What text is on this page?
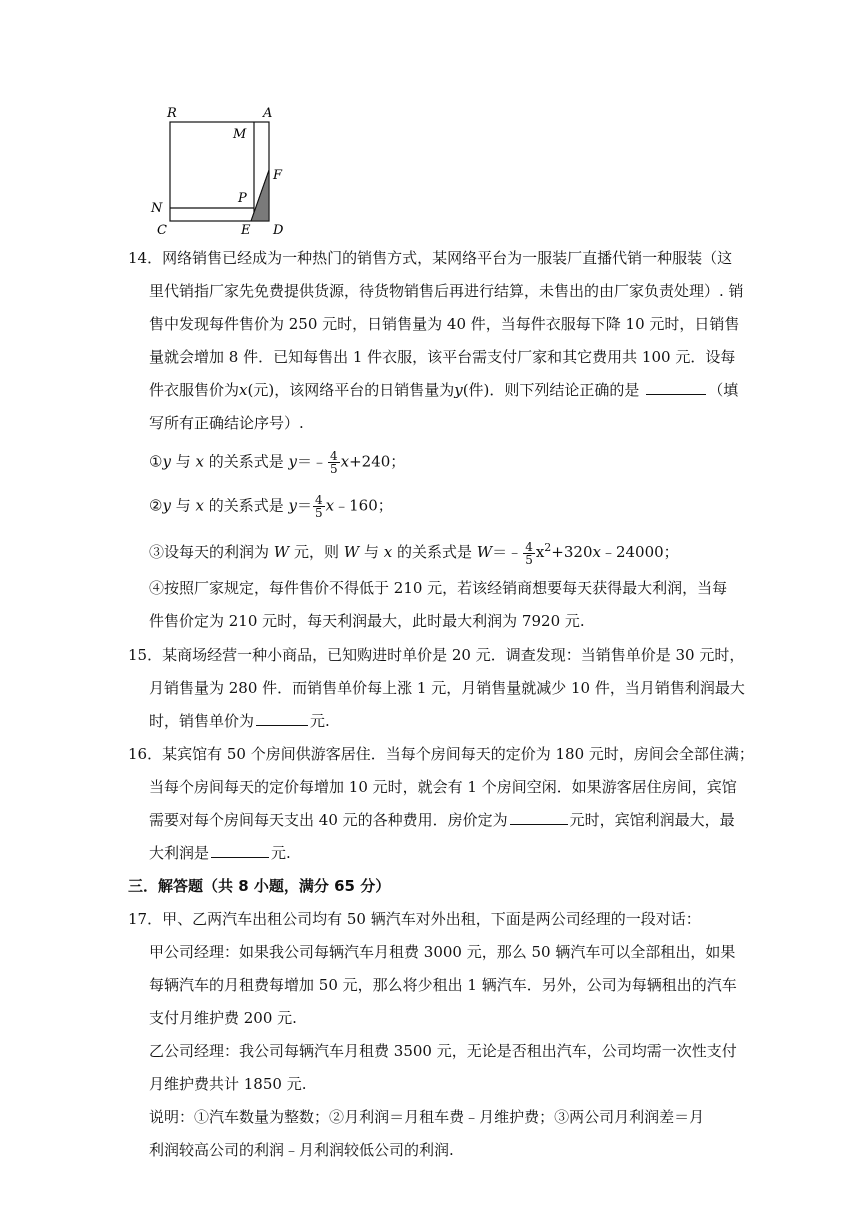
R	A
M
F
P
N
C	E D
14．网络销售已经成为一种热门的销售方式，某网络平台为一服装厂直播代销一种服装（这
里代销指厂家先免费提供货源，待货物销售后再进行结算，未售出的由厂家负责处理）. 销
售中发现每件售价为 250 元时，日销售量为 40 件，当每件衣服每下降 10 元时，日销售
量就会增加 8 件．已知每售出 1 件衣服，该平台需支付厂家和其它费用共 100 元．设每
件衣服售价为x(元)，该网络平台的日销售量为y(件)．则下列结论正确的是	（填
写所有正确结论序号）.
①y 与 x 的关系式是 y＝﹣ $\frac{4}{5} x+240$；
②y 与 x 的关系式是 $y= \frac{4}{5}$ x﹣160；
③设每天的利润为 W 元，则 W 与 x 的关系式是 W＝﹣ $\frac{4}{5}$ $x^2+320x﹣24000$；
④按照厂家规定，每件售价不得低于 210 元，若该经销商想要每天获得最大利润，当每
件售价定为 210 元时，每天利润最大，此时最大利润为 7920 元.
15．某商场经营一种小商品，已知购进时单价是 20 元．调查发现：当销售单价是 30 元时，
月销售量为 280 件．而销售单价每上涨 1 元，月销售量就减少 10 件，当月销售利润最大
时，销售单价为	元.
16．某宾馆有 50 个房间供游客居住．当每个房间每天的定价为 180 元时，房间会全部住满；
当每个房间每天的定价每增加 10 元时，就会有 1 个房间空闲．如果游客居住房间，宾馆
需要对每个房间每天支出 40 元的各种费用．房价定为	元时，宾馆利润最大，最
大利润是	元.
三．解答题（共 8 小题，满分 65 分）
17．甲、乙两汽车出租公司均有 50 辆汽车对外出租，下面是两公司经理的一段对话：
甲公司经理：如果我公司每辆汽车月租费 3000 元，那么 50 辆汽车可以全部租出，如果
每辆汽车的月租费每增加 50 元，那么将少租出 1 辆汽车．另外，公司为每辆租出的汽车
支付月维护费 200 元.
乙公司经理：我公司每辆汽车月租费 3500 元，无论是否租出汽车，公司均需一次性支付
月维护费共计 1850 元.
说明：①汽车数量为整数；②月利润＝月租车费﹣月维护费；③两公司月利润差＝月
利润较高公司的利润﹣月利润较低公司的利润.
